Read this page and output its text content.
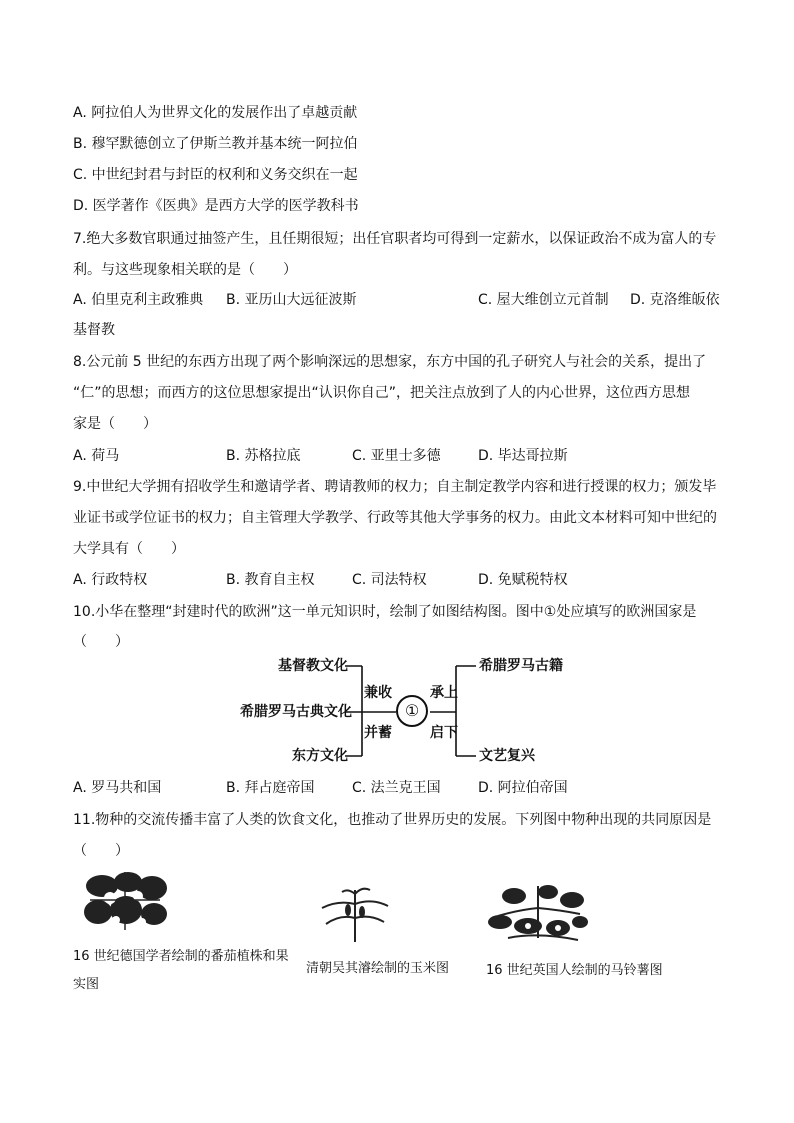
A. 阿拉伯人为世界文化的发展作出了卓越贡献
B. 穆罕默德创立了伊斯兰教并基本统一阿拉伯
C. 中世纪封君与封臣的权利和义务交织在一起
D. 医学著作《医典》是西方大学的医学教科书
7.绝大多数官职通过抽签产生，且任期很短；出任官职者均可得到一定薪水，以保证政治不成为富人的专
利。与这些现象相关联的是（　　）
A. 伯里克利主政雅典 B. 亚历山大远征波斯	C. 屋大维创立元首制 D. 克洛维皈依
基督教
8.公元前 5 世纪的东西方出现了两个影响深远的思想家，东方中国的孔子研究人与社会的关系，提出了
“仁”的思想；而西方的这位思想家提出“认识你自己”，把关注点放到了人的内心世界，这位西方思想
家是（　　）
A. 荷马	B. 苏格拉底	C. 亚里士多德	D. 毕达哥拉斯
9.中世纪大学拥有招收学生和邀请学者、聘请教师的权力；自主制定教学内容和进行授课的权力；颁发毕
业证书或学位证书的权力；自主管理大学教学、行政等其他大学事务的权力。由此文本材料可知中世纪的
大学具有（　　）
A. 行政特权	B. 教育自主权	C. 司法特权	D. 免赋税特权
10.小华在整理“封建时代的欧洲”这一单元知识时，绘制了如图结构图。图中①处应填写的欧洲国家是
（　　）
基督教文化
希腊罗马古典文化
东方文化
兼收
并蓄
①
承上
启下
希腊罗马古籍
文艺复兴
A. 罗马共和国	B. 拜占庭帝国	C. 法兰克王国	D. 阿拉伯帝国
11.物种的交流传播丰富了人类的饮食文化，也推动了世界历史的发展。下列图中物种出现的共同原因是
（　　）
16 世纪德国学者绘制的番茄植株和果
实图
清朝吴其濬绘制的玉米图	16 世纪英国人绘制的马铃薯图
